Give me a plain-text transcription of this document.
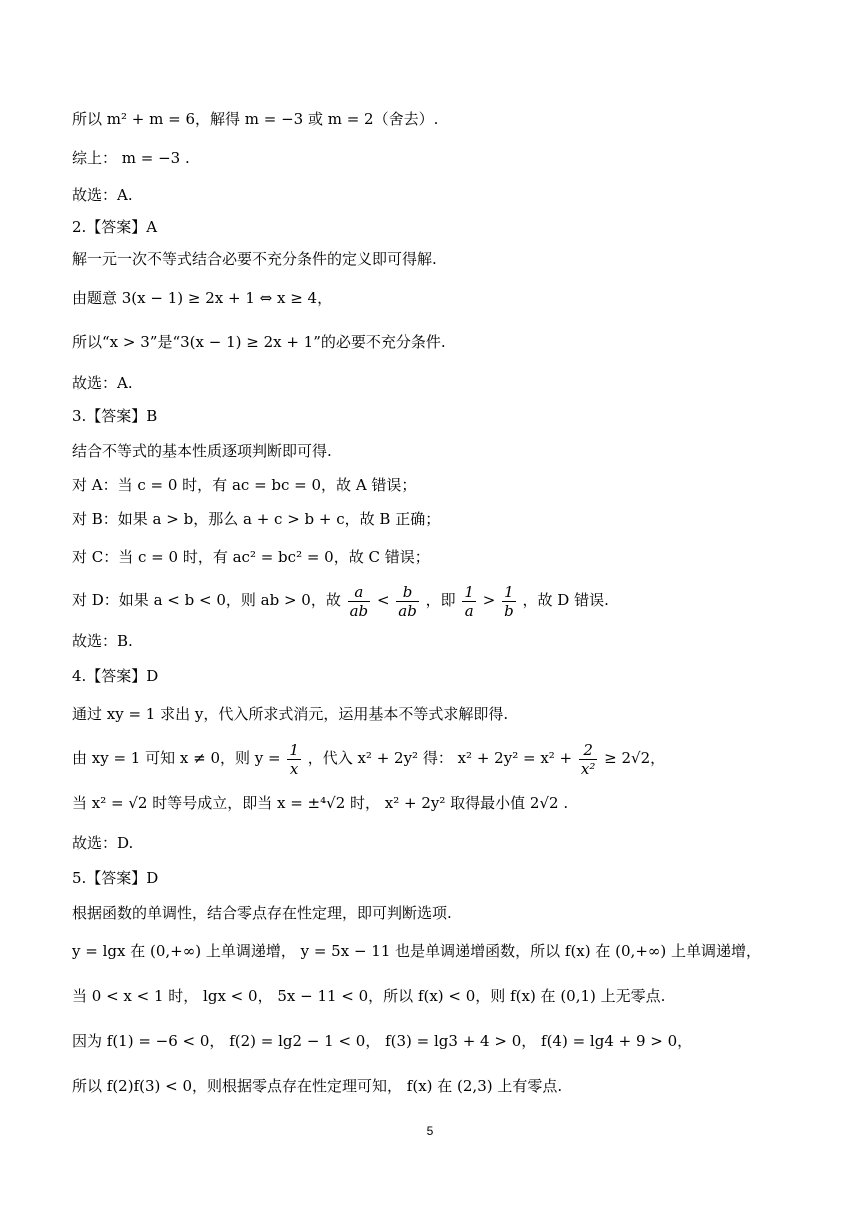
所以 m² + m = 6，解得 m = −3 或 m = 2（舍去）.
综上： m = −3 .
故选：A.
2.【答案】A
解一元一次不等式结合必要不充分条件的定义即可得解.
由题意 3(x − 1) ≥ 2x + 1 ⇔ x ≥ 4，
所以“x > 3”是“3(x − 1) ≥ 2x + 1”的必要不充分条件.
故选：A.
3.【答案】B
结合不等式的基本性质逐项判断即可得.
对 A：当 c = 0 时，有 ac = bc = 0，故 A 错误；
对 B：如果 a > b，那么 a + c > b + c，故 B 正确；
对 C：当 c = 0 时，有 ac² = bc² = 0，故 C 错误；
对 D：如果 a < b < 0，则 ab > 0，故 $\frac{a}{ab} < \frac{b}{ab}$ ，即 $\frac{1}{a} > \frac{1}{b}$ ，故 D 错误.
故选：B.
4.【答案】D
通过 xy = 1 求出 y，代入所求式消元，运用基本不等式求解即得.
由 xy = 1 可知 x ≠ 0，则 $y = \frac{1}{x}$ ，代入 x² + 2y² 得： $x^2 + 2y^2 = x^2 + \frac{2}{\text{x²}} \ge 2√2$，
当 x² = √2 时等号成立，即当 x = ±⁴√2 时， x² + 2y² 取得最小值 2√2 .
故选：D.
5.【答案】D
根据函数的单调性，结合零点存在性定理，即可判断选项.
y = lgx 在 (0,+∞) 上单调递增， y = 5x − 11 也是单调递增函数，所以 f(x) 在 (0,+∞) 上单调递增，
当 0 < x < 1 时， lgx < 0， 5x − 11 < 0，所以 f(x) < 0，则 f(x) 在 (0,1) 上无零点.
因为 f(1) = −6 < 0， f(2) = lg2 − 1 < 0， f(3) = lg3 + 4 > 0， f(4) = lg4 + 9 > 0，
所以 f(2)f(3) < 0，则根据零点存在性定理可知， f(x) 在 (2,3) 上有零点.
5
